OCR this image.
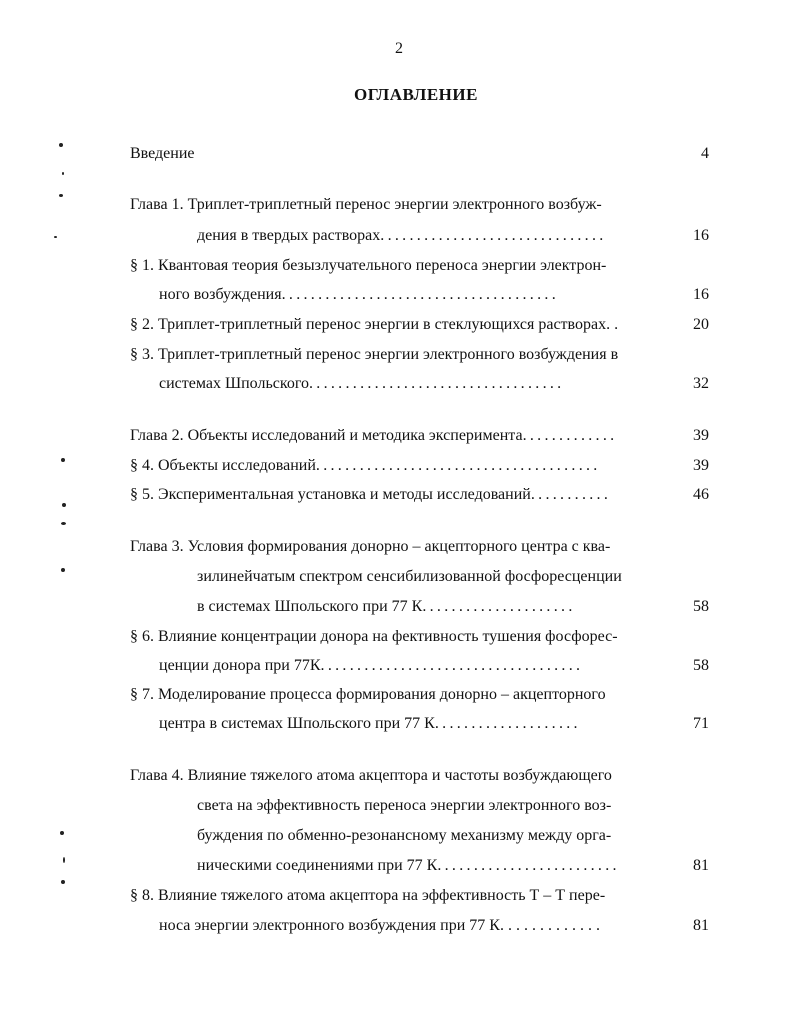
2
ОГЛАВЛЕНИЕ
Введение	4
Глава 1. Триплет-триплетный перенос энергии электронного возбуж-
дения в твердых растворах...............................	16
§ 1. Квантовая теория безызлучательного переноса энергии электрон-
ного возбуждения......................................	16
§ 2. Триплет-триплетный перенос энергии в стеклующихся растворах. .	20
§ 3. Триплет-триплетный перенос энергии электронного возбуждения в
системах Шпольского...................................	32
Глава 2. Объекты исследований и методика эксперимента.............	39
§ 4. Объекты исследований.......................................	39
§ 5. Экспериментальная установка и методы исследований...........	46
Глава 3. Условия формирования донорно – акцепторного центра с ква-
зилинейчатым спектром сенсибилизованной фосфоресценции
в системах Шпольского при 77 К.....................	58
§ 6. Влияние концентрации донора на фективность тушения фосфорес-
ценции донора при 77К....................................	58
§ 7. Моделирование процесса формирования донорно – акцепторного
центра в системах Шпольского при 77 К....................	71
Глава 4. Влияние тяжелого атома акцептора и частоты возбуждающего
света на эффективность переноса энергии электронного воз-
буждения по обменно-резонансному механизму между орга-
ническими соединениями при 77 К.........................	81
§ 8. Влияние тяжелого атома акцептора на эффективность Т – Т пере-
носа энергии электронного возбуждения при 77 К. . . . . . . . . . . . .	81
